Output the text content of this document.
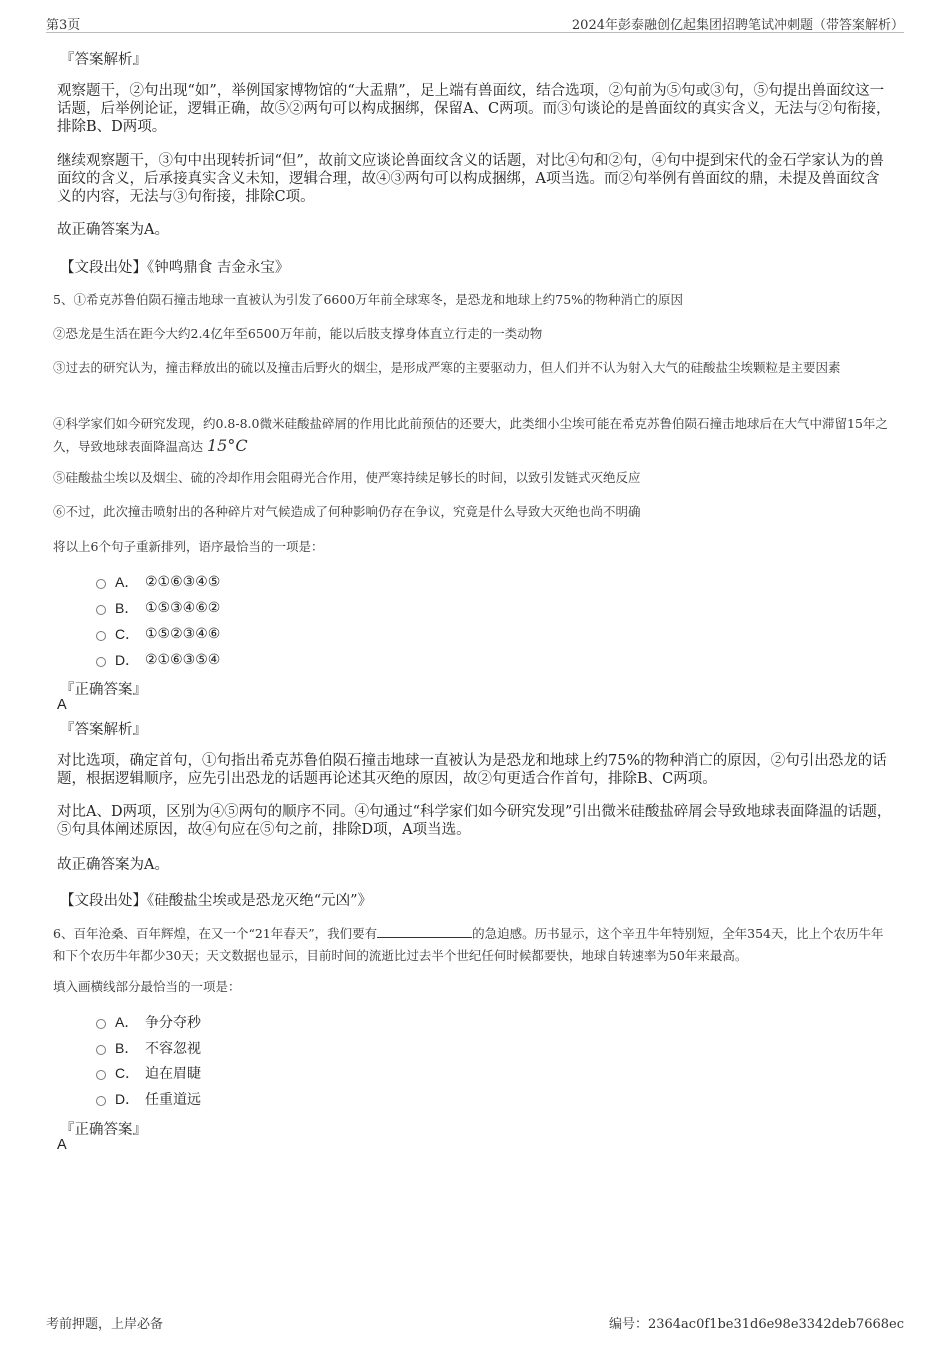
第3页	2024年彭泰融创亿起集团招聘笔试冲刺题（带答案解析）
『答案解析』
观察题干，②句出现“如”，举例国家博物馆的“大盂鼎”，足上端有兽面纹，结合选项，②句前为⑤句或③句，⑤句提出兽面纹这一话题，后举例论证，逻辑正确，故⑤②两句可以构成捆绑，保留A、C两项。而③句谈论的是兽面纹的真实含义，无法与②句衔接，排除B、D两项。
继续观察题干，③句中出现转折词“但”，故前文应谈论兽面纹含义的话题，对比④句和②句，④句中提到宋代的金石学家认为的兽面纹的含义，后承接真实含义未知，逻辑合理，故④③两句可以构成捆绑，A项当选。而②句举例有兽面纹的鼎，未提及兽面纹含义的内容，无法与③句衔接，排除C项。
故正确答案为A。
【文段出处】《钟鸣鼎食 吉金永宝》
5、①希克苏鲁伯陨石撞击地球一直被认为引发了6600万年前全球寒冬，是恐龙和地球上约75%的物种消亡的原因
②恐龙是生活在距今大约2.4亿年至6500万年前，能以后肢支撑身体直立行走的一类动物
③过去的研究认为，撞击释放出的硫以及撞击后野火的烟尘，是形成严寒的主要驱动力，但人们并不认为射入大气的硅酸盐尘埃颗粒是主要因素
④科学家们如今研究发现，约0.8-8.0微米硅酸盐碎屑的作用比此前预估的还要大，此类细小尘埃可能在希克苏鲁伯陨石撞击地球后在大气中滞留15年之久，导致地球表面降温高达 15°C
⑤硅酸盐尘埃以及烟尘、硫的冷却作用会阻碍光合作用，使严寒持续足够长的时间，以致引发链式灭绝反应
⑥不过，此次撞击喷射出的各种碎片对气候造成了何种影响仍存在争议，究竟是什么导致大灭绝也尚不明确
将以上6个句子重新排列，语序最恰当的一项是：
A． ②①⑥③④⑤
B． ①⑤③④⑥②
C． ①⑤②③④⑥
D． ②①⑥③⑤④
『正确答案』
A
『答案解析』
对比选项，确定首句，①句指出希克苏鲁伯陨石撞击地球一直被认为是恐龙和地球上约75%的物种消亡的原因，②句引出恐龙的话题，根据逻辑顺序，应先引出恐龙的话题再论述其灭绝的原因，故②句更适合作首句，排除B、C两项。
对比A、D两项，区别为④⑤两句的顺序不同。④句通过“科学家们如今研究发现”引出微米硅酸盐碎屑会导致地球表面降温的话题，⑤句具体阐述原因，故④句应在⑤句之前，排除D项，A项当选。
故正确答案为A。
【文段出处】《硅酸盐尘埃或是恐龙灭绝“元凶”》
6、百年沧桑、百年辉煌，在又一个“21年春天”，我们要有	的急迫感。历书显示，这个辛丑牛年特别短，全年354天，比上个农历牛年和下个农历牛年都少30天；天文数据也显示，目前时间的流逝比过去半个世纪任何时候都要快，地球自转速率为50年来最高。
填入画横线部分最恰当的一项是：
A． 争分夺秒
B． 不容忽视
C． 迫在眉睫
D． 任重道远
『正确答案』
A
考前押题，上岸必备	编号：2364ac0f1be31d6e98e3342deb7668ec
